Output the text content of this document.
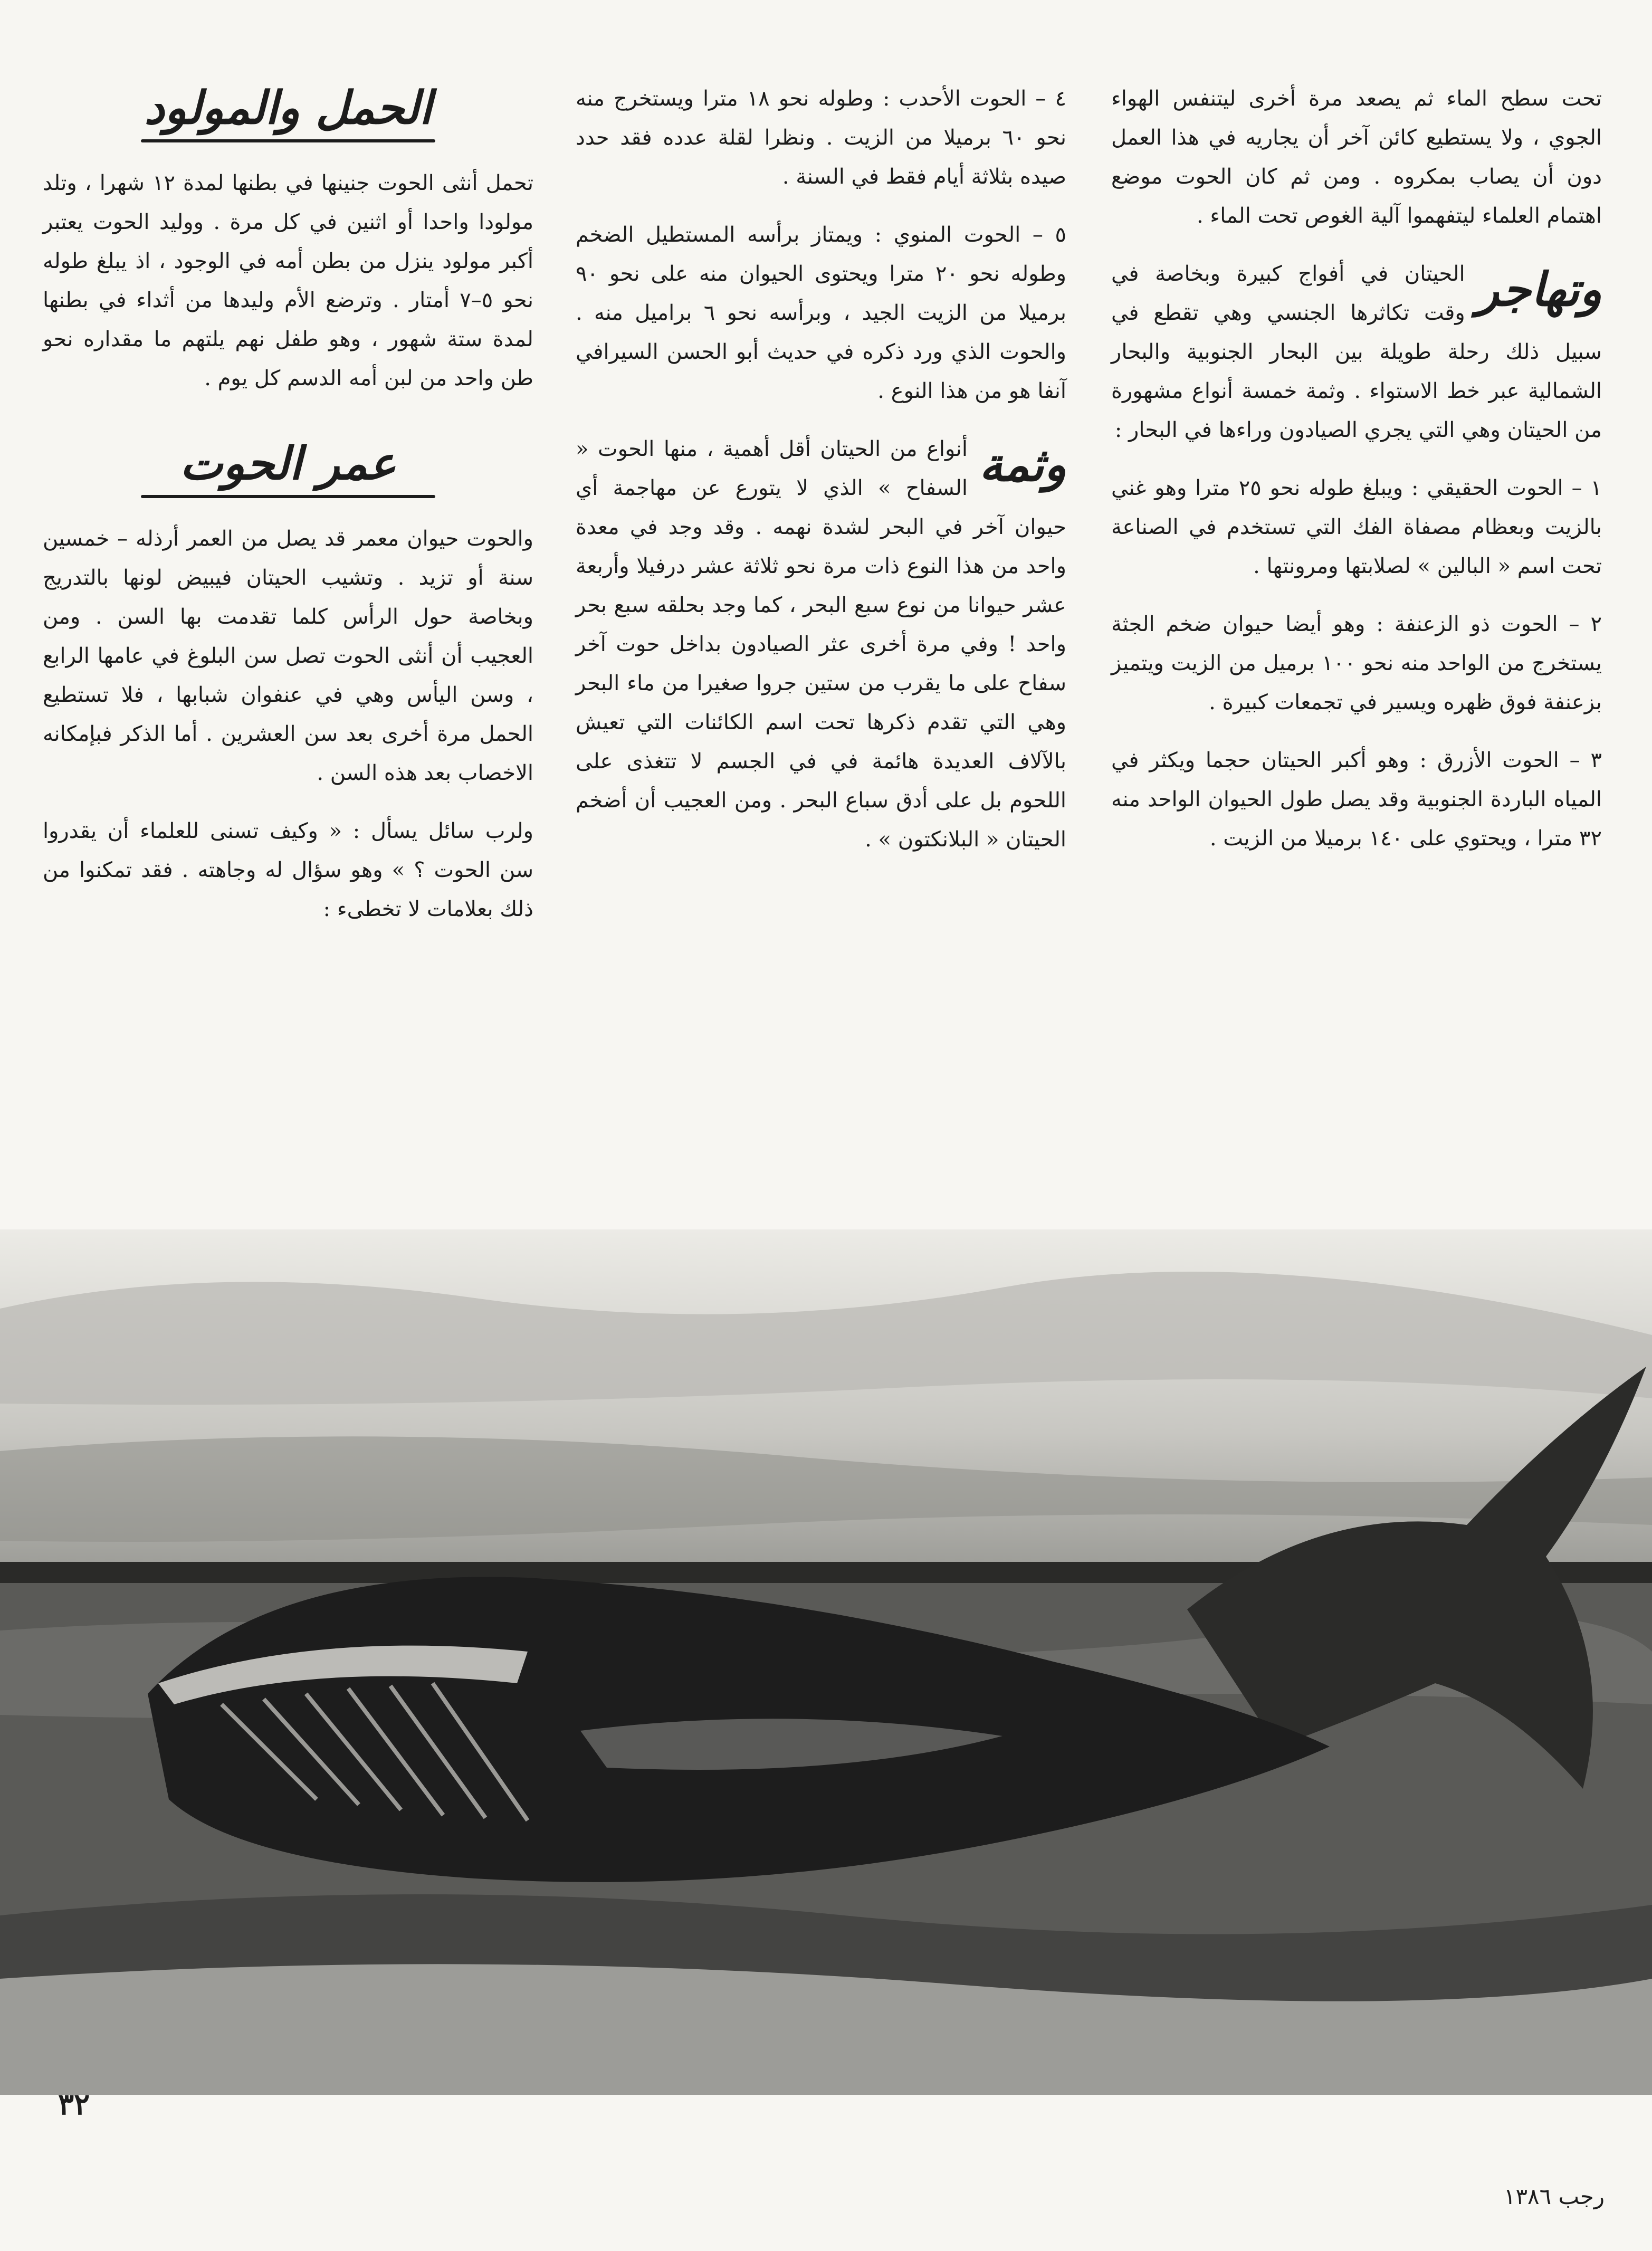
تحت سطح الماء ثم يصعد مرة أخرى ليتنفس الهواء الجوي ، ولا يستطيع كائن آخر أن يجاريه في هذا العمل دون أن يصاب بمكروه . ومن ثم كان الحوت موضع اهتمام العلماء ليتفهموا آلية الغوص تحت الماء .

وتهاجر
الحيتان في أفواج كبيرة وبخاصة في وقت تكاثرها الجنسي وهي تقطع في سبيل ذلك رحلة طويلة بين البحار الجنوبية والبحار الشمالية عبر خط الاستواء . وثمة خمسة أنواع مشهورة من الحيتان وهي التي يجري الصيادون وراءها في البحار :

١ – الحوت الحقيقي : ويبلغ طوله نحو ٢٥ مترا وهو غني بالزيت وبعظام مصفاة الفك التي تستخدم في الصناعة تحت اسم « البالين » لصلابتها ومرونتها .

٢ – الحوت ذو الزعنفة : وهو أيضا حيوان ضخم الجثة يستخرج من الواحد منه نحو ١٠٠ برميل من الزيت ويتميز بزعنفة فوق ظهره ويسير في تجمعات كبيرة .

٣ – الحوت الأزرق : وهو أكبر الحيتان حجما ويكثر في المياه الباردة الجنوبية وقد يصل طول الحيوان الواحد منه ٣٢ مترا ، ويحتوي على ١٤٠ برميلا من الزيت .

٤ – الحوت الأحدب : وطوله نحو ١٨ مترا ويستخرج منه نحو ٦٠ برميلا من الزيت . ونظرا لقلة عدده فقد حدد صيده بثلاثة أيام فقط في السنة .

٥ – الحوت المنوي : ويمتاز برأسه المستطيل الضخم وطوله نحو ٢٠ مترا ويحتوى الحيوان منه على نحو ٩٠ برميلا من الزيت الجيد ، وبرأسه نحو ٦ براميل منه . والحوت الذي ورد ذكره في حديث أبو الحسن السيرافي آنفا هو من هذا النوع .

وثمة
أنواع من الحيتان أقل أهمية ، منها الحوت « السفاح » الذي لا يتورع عن مهاجمة أي حيوان آخر في البحر لشدة نهمه . وقد وجد في معدة واحد من هذا النوع ذات مرة نحو ثلاثة عشر درفيلا وأربعة عشر حيوانا من نوع سبع البحر ، كما وجد بحلقه سبع بحر واحد ! وفي مرة أخرى عثر الصيادون بداخل حوت آخر سفاح على ما يقرب من ستين جروا صغيرا من ماء البحر وهي التي تقدم ذكرها تحت اسم الكائنات التي تعيش بالآلاف العديدة هائمة في في الجسم لا تتغذى على اللحوم بل على أدق سباع البحر . ومن العجيب أن أضخم الحيتان « البلانكتون » .

الحمل والمولود

تحمل أنثى الحوت جنينها في بطنها لمدة ١٢ شهرا ، وتلد مولودا واحدا أو اثنين في كل مرة . ووليد الحوت يعتبر أكبر مولود ينزل من بطن أمه في الوجود ، اذ يبلغ طوله نحو ٥–٧ أمتار . وترضع الأم وليدها من أثداء في بطنها لمدة ستة شهور ، وهو طفل نهم يلتهم ما مقداره نحو طن واحد من لبن أمه الدسم كل يوم .

عمر الحوت

والحوت حيوان معمر قد يصل من العمر أرذله – خمسين سنة أو تزيد . وتشيب الحيتان فيبيض لونها بالتدريج وبخاصة حول الرأس كلما تقدمت بها السن . ومن العجيب أن أنثى الحوت تصل سن البلوغ في عامها الرابع ، وسن اليأس وهي في عنفوان شبابها ، فلا تستطيع الحمل مرة أخرى بعد سن العشرين . أما الذكر فبإمكانه الاخصاب بعد هذه السن .

ولرب سائل يسأل : « وكيف تسنى للعلماء أن يقدروا سن الحوت ؟ » وهو سؤال له وجاهته . فقد تمكنوا من ذلك بعلامات لا تخطىء :

٣٢
رجب ١٣٨٦
